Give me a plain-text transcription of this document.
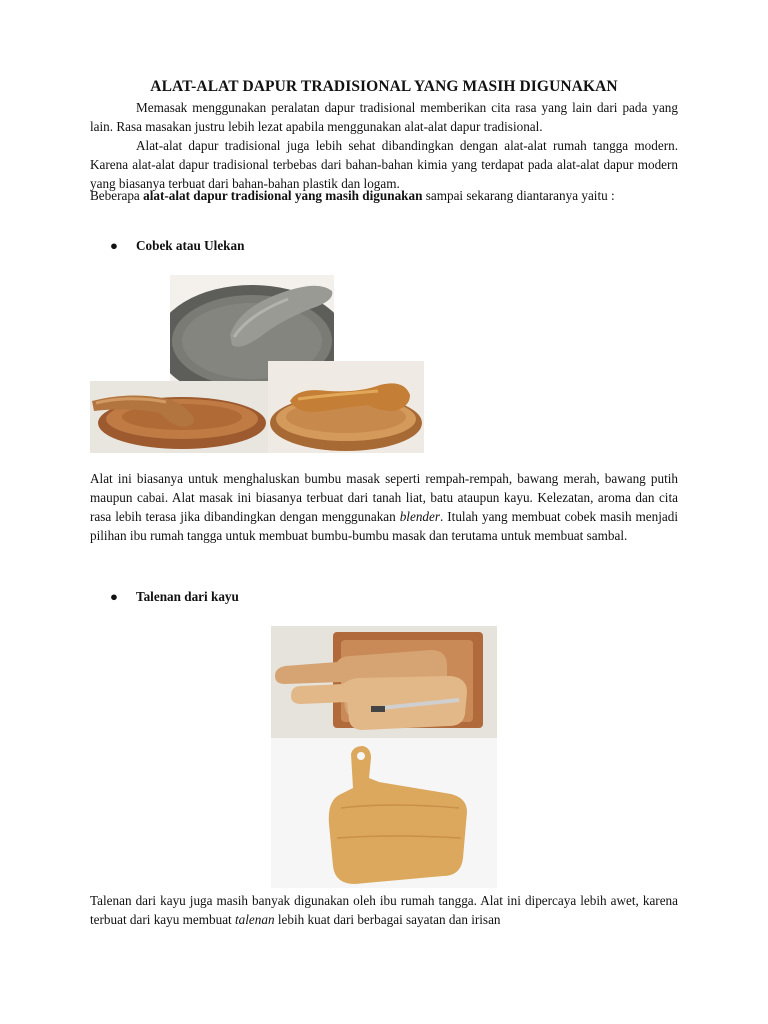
ALAT-ALAT DAPUR TRADISIONAL YANG MASIH DIGUNAKAN
Memasak menggunakan peralatan dapur tradisional memberikan cita rasa yang lain dari pada yang lain. Rasa masakan justru lebih lezat apabila menggunakan alat-alat dapur tradisional.
Alat-alat dapur tradisional juga lebih sehat dibandingkan dengan alat-alat rumah tangga modern. Karena alat-alat dapur tradisional terbebas dari bahan-bahan kimia yang terdapat pada alat-alat dapur modern yang biasanya terbuat dari bahan-bahan plastik dan logam.
Beberapa alat-alat dapur tradisional yang masih digunakan sampai sekarang diantaranya yaitu :
● Cobek atau Ulekan
Alat ini biasanya untuk menghaluskan bumbu masak seperti rempah-rempah, bawang merah, bawang putih maupun cabai. Alat masak ini biasanya terbuat dari tanah liat, batu ataupun kayu. Kelezatan, aroma dan cita rasa lebih terasa jika dibandingkan dengan menggunakan blender. Itulah yang membuat cobek masih menjadi pilihan ibu rumah tangga untuk membuat bumbu-bumbu masak dan terutama untuk membuat sambal.
● Talenan dari kayu
Talenan dari kayu juga masih banyak digunakan oleh ibu rumah tangga. Alat ini dipercaya lebih awet, karena terbuat dari kayu membuat talenan lebih kuat dari berbagai sayatan dan irisan
